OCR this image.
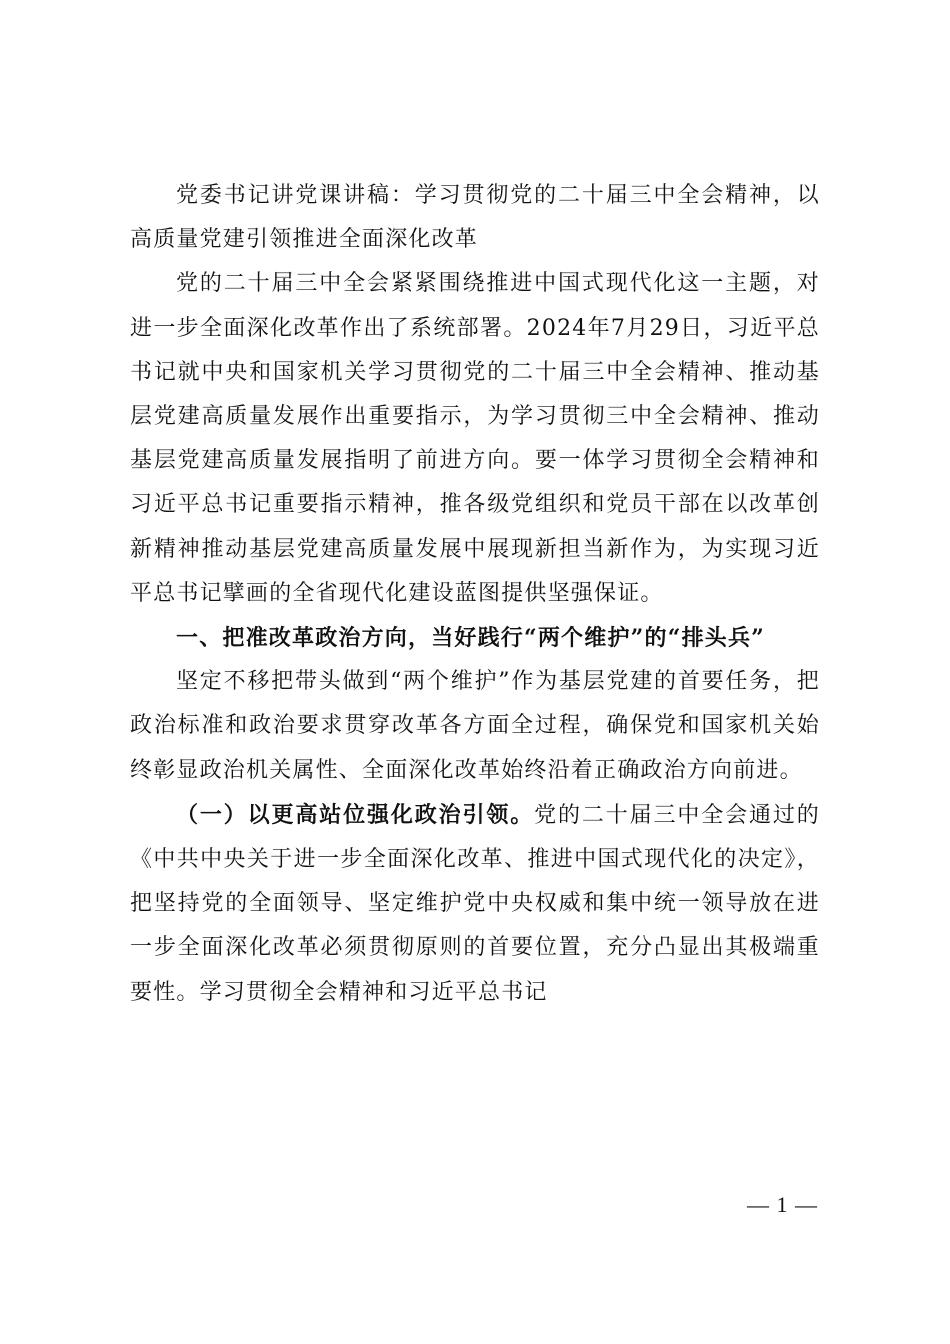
党委书记讲党课讲稿：学习贯彻党的二十届三中全会精神，以高质量党建引领推进全面深化改革

党的二十届三中全会紧紧围绕推进中国式现代化这一主题，对进一步全面深化改革作出了系统部署。2024年7月29日，习近平总书记就中央和国家机关学习贯彻党的二十届三中全会精神、推动基层党建高质量发展作出重要指示，为学习贯彻三中全会精神、推动基层党建高质量发展指明了前进方向。要一体学习贯彻全会精神和习近平总书记重要指示精神，推各级党组织和党员干部在以改革创新精神推动基层党建高质量发展中展现新担当新作为，为实现习近平总书记擘画的全省现代化建设蓝图提供坚强保证。

一、把准改革政治方向，当好践行“两个维护”的“排头兵”

坚定不移把带头做到“两个维护”作为基层党建的首要任务，把政治标准和政治要求贯穿改革各方面全过程，确保党和国家机关始终彰显政治机关属性、全面深化改革始终沿着正确政治方向前进。

（一）以更高站位强化政治引领。党的二十届三中全会通过的《中共中央关于进一步全面深化改革、推进中国式现代化的决定》，把坚持党的全面领导、坚定维护党中央权威和集中统一领导放在进一步全面深化改革必须贯彻原则的首要位置，充分凸显出其极端重要性。学习贯彻全会精神和习近平总书记

— 1 —
